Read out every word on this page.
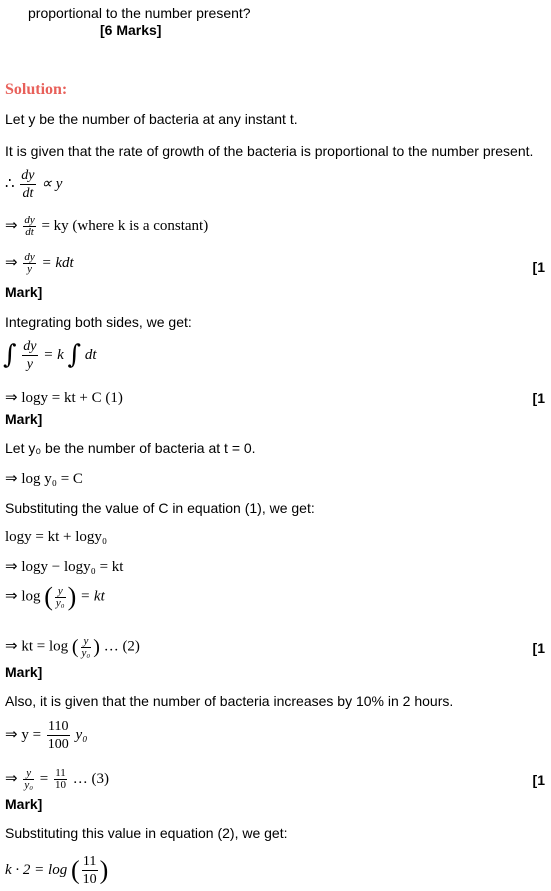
proportional to the number present?
[6 Marks]
Solution:
Let y be the number of bacteria at any instant t.
It is given that the rate of growth of the bacteria is proportional to the number present.
∴ $\frac{dy}{dt} \propto y$
⇒ $\frac{dy}{dt}$ = ky (where k is a constant)
⇒ $\frac{dy}{y}$ = kdt	[1
Mark]
Integrating both sides, we get:
∫ $\frac{dy}{y} = k$ ∫ dt
⇒ logy = kt + C (1)	[1
Mark]
Let y₀ be the number of bacteria at t = 0.
⇒ log y₀ = C
Substituting the value of C in equation (1), we get:
logy = kt + logy₀
⇒ logy − logy₀ = kt
⇒ log ( $\frac{y}{\text{y₀}}$ ) = kt
⇒ kt = log ( $\frac{y}{\text{y₀}}$ ) … (2)	[1
Mark]
Also, it is given that the number of bacteria increases by 10% in 2 hours.
⇒ $y = \frac{110}{100} y_0$
⇒ $\frac{y}{\text{y₀}} = \frac{11}{10}$ … (3)	[1
Mark]
Substituting this value in equation (2), we get:
k · 2 = log ( $\frac{11}{10}$ )
